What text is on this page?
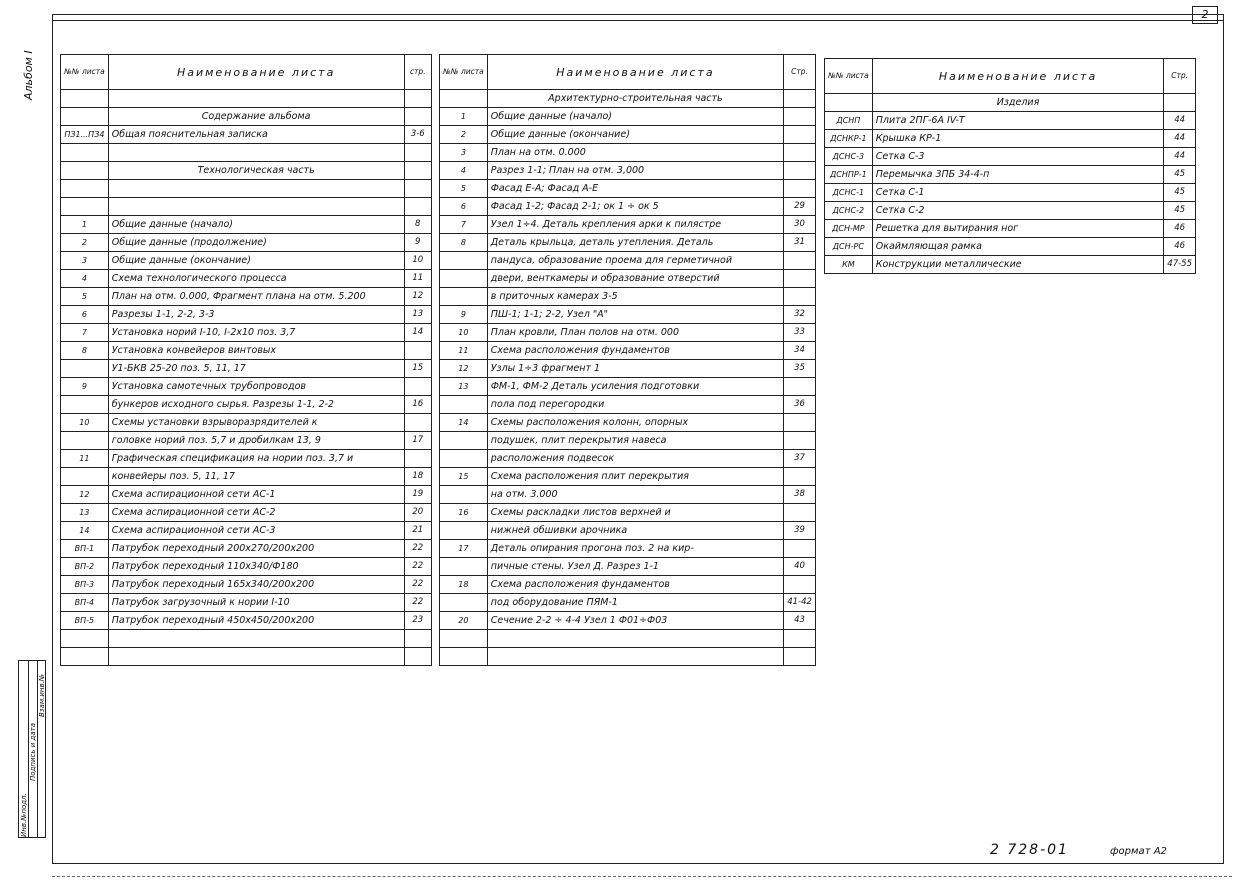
2
Альбом I
Инв.№подл.
Подпись и дата
Взам.инв.№
№№ листа	Наименование листа	стр.

	Содержание альбома	
ПЗ1...ПЗ4	Общая пояснительная записка	3-6

	Технологическая часть	

1	Общие данные (начало)	8
2	Общие данные (продолжение)	9
3	Общие данные (окончание)	10
4	Схема технологического процесса	11
5	План на отм. 0.000, Фрагмент плана на отм. 5.200	12
6	Разрезы 1-1, 2-2, 3-3	13
7	Установка норий I-10, I-2x10 поз. 3,7	14
8	Установка конвейеров винтовых	
	У1-БКВ 25-20 поз. 5, 11, 17	15
9	Установка самотечных трубопроводов	
	бункеров исходного сырья. Разрезы 1-1, 2-2	16
10	Схемы установки взрыворазрядителей к	
	головке норий поз. 5,7 и дробилкам 13, 9	17
11	Графическая спецификация на нории поз. 3,7 и	
	конвейеры поз. 5, 11, 17	18
12	Схема аспирационной сети АС-1	19
13	Схема аспирационной сети АС-2	20
14	Схема аспирационной сети АС-3	21
ВП-1	Патрубок переходный 200x270/200x200	22
ВП-2	Патрубок переходный 110x340/Ф180	22
ВП-3	Патрубок переходный 165x340/200x200	22
ВП-4	Патрубок загрузочный к нории I-10	22
ВП-5	Патрубок переходный 450x450/200x200	23

№№ листа	Наименование листа	Стр.
	Архитектурно-строительная часть	
1	Общие данные (начало)	
2	Общие данные (окончание)	
3	План на отм. 0.000	
4	Разрез 1-1; План на отм. 3,000	
5	Фасад Е-А; Фасад А-Е	
6	Фасад 1-2; Фасад 2-1; ок 1 ÷ ок 5	29
7	Узел 1÷4. Деталь крепления арки к пилястре	30
8	Деталь крыльца, деталь утепления. Деталь	31
	пандуса, образование проема для герметичной	
	двери, венткамеры и образование отверстий	
	в приточных камерах 3-5	
9	ПШ-1; 1-1; 2-2, Узел "А"	32
10	План кровли, План полов на отм. 000	33
11	Схема расположения фундаментов	34
12	Узлы 1÷3 фрагмент 1	35
13	ФМ-1, ФМ-2 Деталь усиления подготовки	
	пола под перегородки	36
14	Схемы расположения колонн, опорных	
	подушек, плит перекрытия навеса	
	расположения подвесок	37
15	Схема расположения плит перекрытия	
	на отм. 3.000	38
16	Схемы раскладки листов верхней и	
	нижней обшивки арочника	39
17	Деталь опирания прогона поз. 2 на кир-	
	пичные стены. Узел Д. Разрез 1-1	40
18	Схема расположения фундаментов	
	под оборудование ПЯМ-1	41-42
20	Сечение 2-2 ÷ 4-4 Узел 1 Ф01÷Ф03	43

№№ листа	Наименование листа	Стр.
	Изделия	
ДСНП	Плита 2ПГ-6А IV-Т	44
ДСНКР-1	Крышка КР-1	44
ДСНС-3	Сетка С-3	44
ДСНПР-1	Перемычка 3ПБ 34-4-п	45
ДСНС-1	Сетка С-1	45
ДСНС-2	Сетка С-2	45
ДСН-МР	Решетка для вытирания ног	46
ДСН-РС	Окаймляющая рамка	46
КМ	Конструкции металлические	47-55
2 728-01	формат А2
